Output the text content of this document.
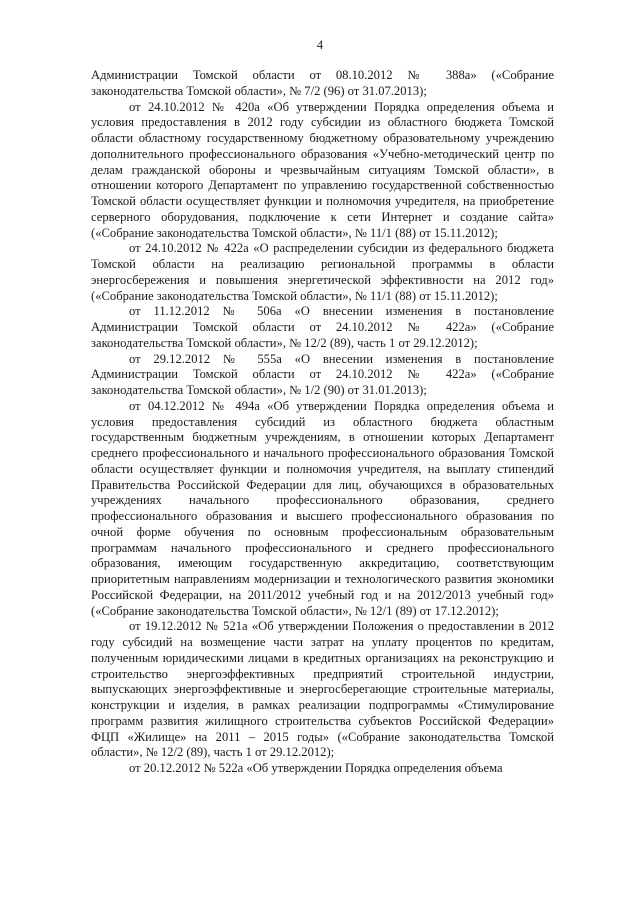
4

Администрации Томской области от 08.10.2012 № 388а» («Собрание законодательства Томской области», № 7/2 (96) от 31.07.2013);

от 24.10.2012 № 420а «Об утверждении Порядка определения объема и условия предоставления в 2012 году субсидии из областного бюджета Томской области областному государственному бюджетному образовательному учреждению дополнительного профессионального образования «Учебно-методический центр по делам гражданской обороны и чрезвычайным ситуациям Томской области», в отношении которого Департамент по управлению государственной собственностью Томской области осуществляет функции и полномочия учредителя, на приобретение серверного оборудования, подключение к сети Интернет и создание сайта» («Собрание законодательства Томской области», № 11/1 (88) от 15.11.2012);

от 24.10.2012 № 422а «О распределении субсидии из федерального бюджета Томской области на реализацию региональной программы в области энергосбережения и повышения энергетической эффективности на 2012 год» («Собрание законодательства Томской области», № 11/1 (88) от 15.11.2012);

от 11.12.2012 № 506а «О внесении изменения в постановление Администрации Томской области от 24.10.2012 № 422а» («Собрание законодательства Томской области», № 12/2 (89), часть 1 от 29.12.2012);

от 29.12.2012 № 555а «О внесении изменения в постановление Администрации Томской области от 24.10.2012 № 422а» («Собрание законодательства Томской области», № 1/2 (90) от 31.01.2013);

от 04.12.2012 № 494а «Об утверждении Порядка определения объема и условия предоставления субсидий из областного бюджета областным государственным бюджетным учреждениям, в отношении которых Департамент среднего профессионального и начального профессионального образования Томской области осуществляет функции и полномочия учредителя, на выплату стипендий Правительства Российской Федерации для лиц, обучающихся в образовательных учреждениях начального профессионального образования, среднего профессионального образования и высшего профессионального образования по очной форме обучения по основным профессиональным образовательным программам начального профессионального и среднего профессионального образования, имеющим государственную аккредитацию, соответствующим приоритетным направлениям модернизации и технологического развития экономики Российской Федерации, на 2011/2012 учебный год и на 2012/2013 учебный год» («Собрание законодательства Томской области», № 12/1 (89) от 17.12.2012);

от 19.12.2012 № 521а «Об утверждении Положения о предоставлении в 2012 году субсидий на возмещение части затрат на уплату процентов по кредитам, полученным юридическими лицами в кредитных организациях на реконструкцию и строительство энергоэффективных предприятий строительной индустрии, выпускающих энергоэффективные и энергосберегающие строительные материалы, конструкции и изделия, в рамках реализации подпрограммы «Стимулирование программ развития жилищного строительства субъектов Российской Федерации» ФЦП «Жилище» на 2011 – 2015 годы» («Собрание законодательства Томской области», № 12/2 (89), часть 1 от 29.12.2012);

от 20.12.2012 № 522а «Об утверждении Порядка определения объема
